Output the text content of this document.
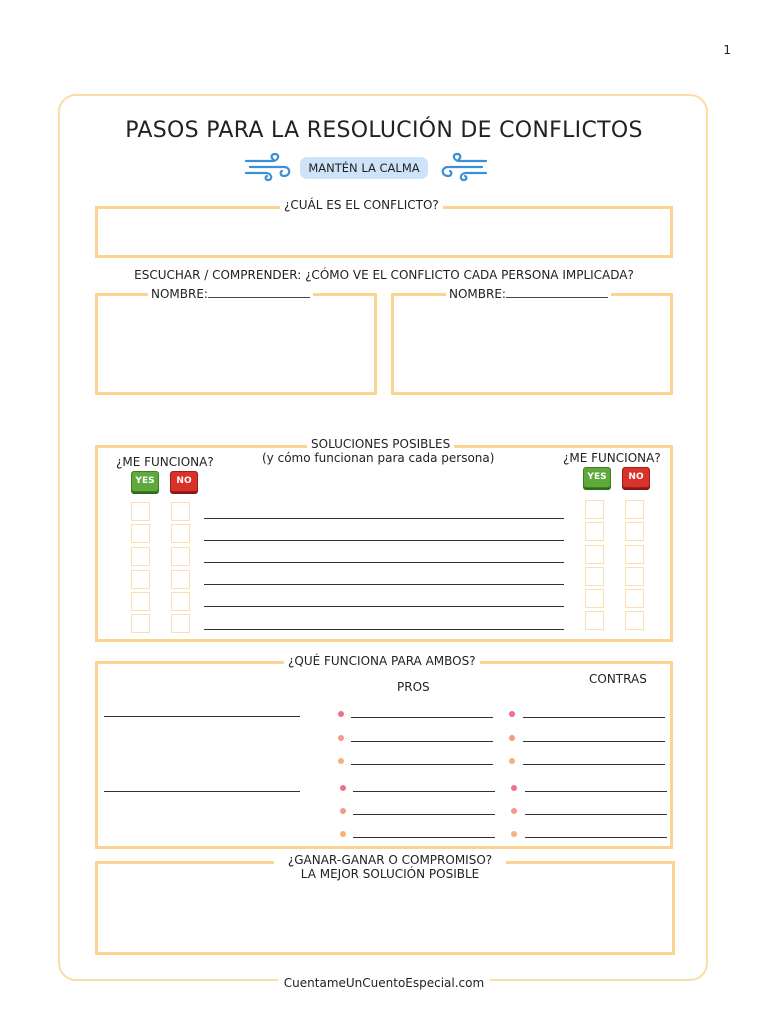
1
PASOS PARA LA RESOLUCIÓN DE CONFLICTOS
MANTÉN LA CALMA
¿CUÁL ES EL CONFLICTO?
ESCUCHAR / COMPRENDER: ¿CÓMO VE EL CONFLICTO CADA PERSONA IMPLICADA?
NOMBRE:	NOMBRE:
SOLUCIONES POSIBLES
(y cómo funcionan para cada persona)
¿ME FUNCIONA?
YES	NO
¿ME FUNCIONA?
YES	NO
¿QUÉ FUNCIONA PARA AMBOS?
PROS
CONTRAS
¿GANAR-GANAR O COMPROMISO?
LA MEJOR SOLUCIÓN POSIBLE
CuentameUnCuentoEspecial.com
